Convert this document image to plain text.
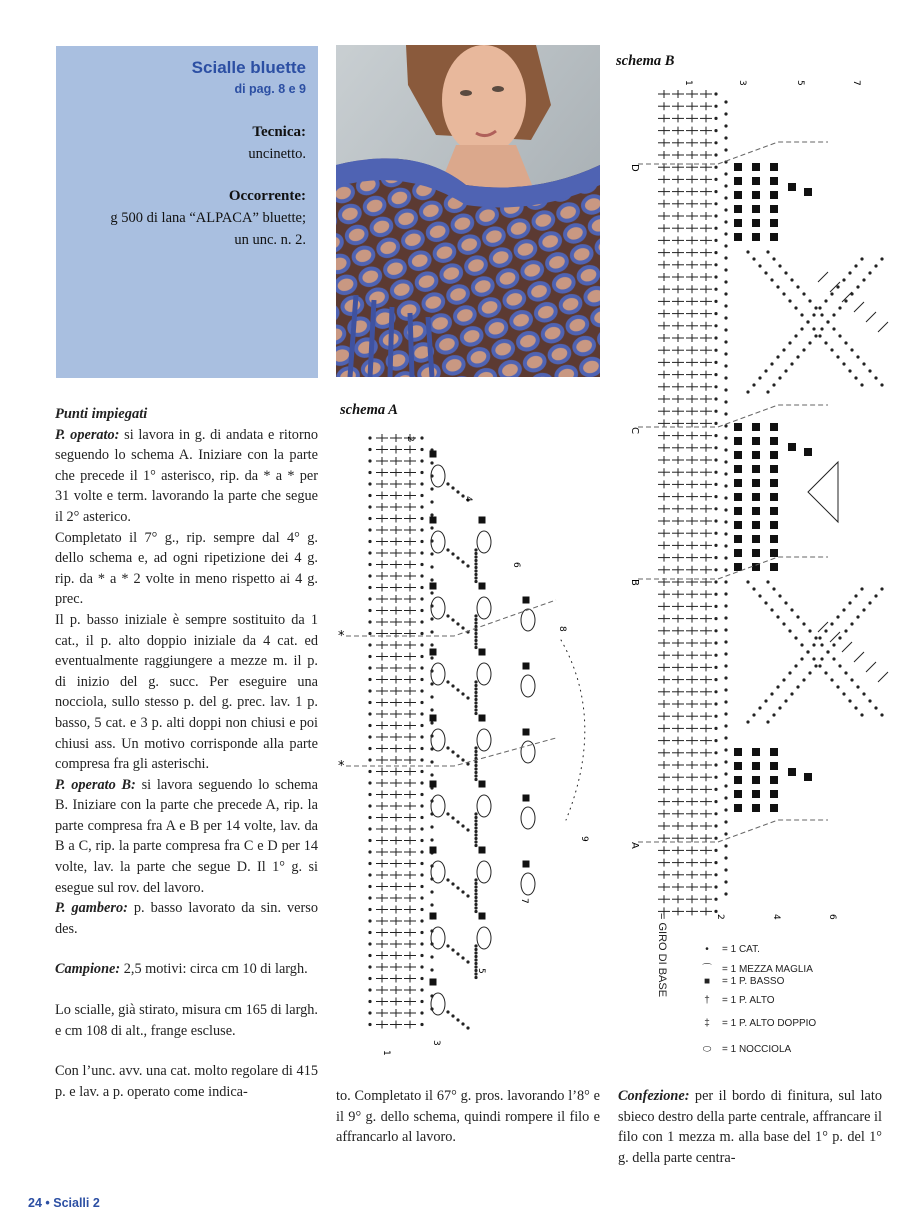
Scialle bluette
di pag. 8 e 9
Tecnica:
uncinetto.
Occorrente:
g 500 di lana “ALPACA” bluette;
un unc. n. 2.

Punti impiegati

P. operato: si lavora in g. di andata e ritorno seguendo lo schema A. Iniziare con la parte che precede il 1° asterisco, rip. da * a * per 31 volte e term. lavorando la parte che segue il 2° asterico.

Completato il 7° g., rip. sempre dal 4° g. dello schema e, ad ogni ripetizione dei 4 g. rip. da * a * 2 volte in meno rispetto ai 4 g. prec.

Il p. basso iniziale è sempre sostituito da 1 cat., il p. alto doppio iniziale da 4 cat. ed eventualmente raggiungere a mezze m. il p. di inizio del g. succ. Per eseguire una nocciola, sullo stesso p. del g. prec. lav. 1 p. basso, 5 cat. e 3 p. alti doppi non chiusi e poi chiusi ass. Un motivo corrisponde alla parte compresa fra gli asterischi.

P. operato B: si lavora seguendo lo schema B. Iniziare con la parte che precede A, rip. la parte compresa fra A e B per 14 volte, lav. da B a C, rip. la parte compresa fra C e D per 14 volte, lav. la parte che segue D. Il 1° g. si esegue sul rov. del lavoro.

P. gambero: p. basso lavorato da sin. verso des.

Campione: 2,5 motivi: circa cm 10 di largh.

Lo scialle, già stirato, misura cm 165 di largh. e cm 108 di alt., frange escluse.

Con l’unc. avv. una cat. molto regolare di 415 p. e lav. a p. operato come indica-	to. Completato il 67° g. pros. lavorando l’8° e il 9° g. dello schema, quindi rompere il filo e affrancarlo al lavoro.

Confezione: per il bordo di finitura, sul lato sbieco destro della parte centrale, affrancare il filo con 1 mezza m. alla base del 1° p. del 1° g. della parte centra-

schema A
schema B
1
2
3
4
5
6
7
8
9
*
*
A
B
C
D
1
2
3
4
5
6
7
= GIRO DI BASE	• = 1 CAT.
⌒ = 1 MEZZA MAGLIA
■ = 1 P. BASSO
† = 1 P. ALTO
‡ = 1 P. ALTO DOPPIO
⬭ = 1 NOCCIOLA
24 • Scialli 2
